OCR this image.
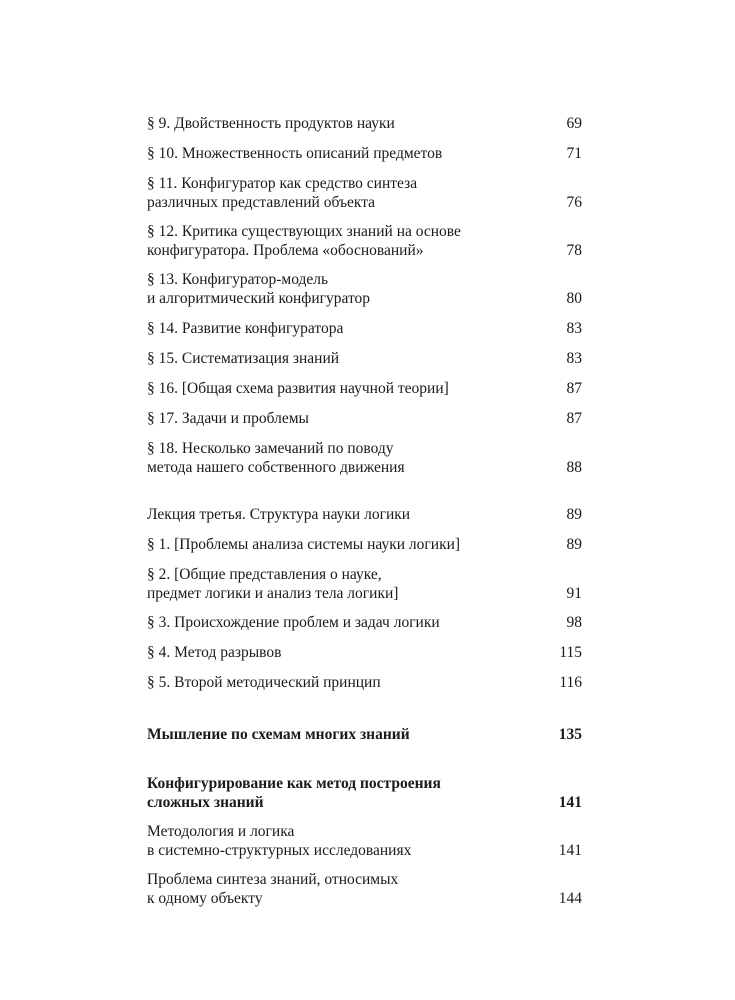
§ 9. Двойственность продуктов науки	69
§ 10. Множественность описаний предметов	71
§ 11. Конфигуратор как средство синтеза
различных представлений объекта	76
§ 12. Критика существующих знаний на основе
конфигуратора. Проблема «обоснований»	78
§ 13. Конфигуратор-модель
и алгоритмический конфигуратор	80
§ 14. Развитие конфигуратора	83
§ 15. Систематизация знаний	83
§ 16. [Общая схема развития научной теории]	87
§ 17. Задачи и проблемы	87
§ 18. Несколько замечаний по поводу
метода нашего собственного движения	88
Лекция третья. Структура науки логики	89
§ 1. [Проблемы анализа системы науки логики]	89
§ 2. [Общие представления о науке,
предмет логики и анализ тела логики]	91
§ 3. Происхождение проблем и задач логики	98
§ 4. Метод разрывов	115
§ 5. Второй методический принцип	116
Мышление по схемам многих знаний	135
Конфигурирование как метод построения
сложных знаний	141
Методология и логика
в системно-структурных исследованиях	141
Проблема синтеза знаний, относимых
к одному объекту	144
